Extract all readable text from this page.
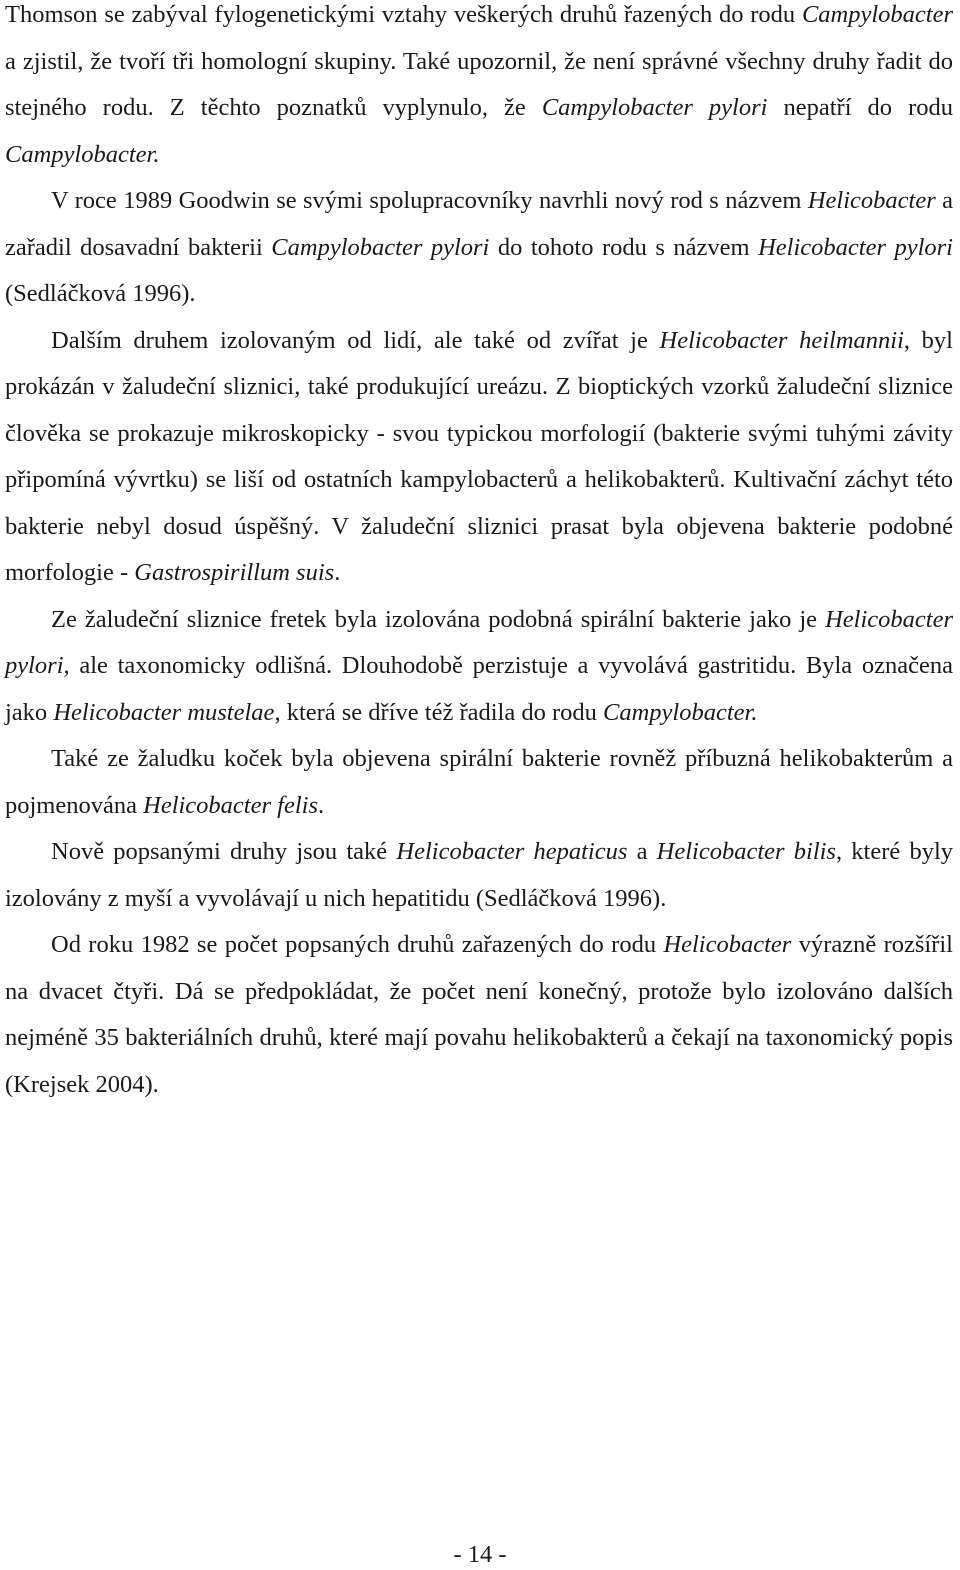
Thomson se zabýval fylogenetickými vztahy veškerých druhů řazených do rodu Campylobacter a zjistil, že tvoří tři homologní skupiny. Také upozornil, že není správné všechny druhy řadit do stejného rodu. Z těchto poznatků vyplynulo, že Campylobacter pylori nepatří do rodu Campylobacter.

V roce 1989 Goodwin se svými spolupracovníky navrhli nový rod s názvem Helicobacter a zařadil dosavadní bakterii Campylobacter pylori do tohoto rodu s názvem Helicobacter pylori (Sedláčková 1996).

Dalším druhem izolovaným od lidí, ale také od zvířat je Helicobacter heilmannii, byl prokázán v žaludeční sliznici, také produkující ureázu. Z bioptických vzorků žaludeční sliznice člověka se prokazuje mikroskopicky - svou typickou morfologií (bakterie svými tuhými závity připomíná vývrtku) se liší od ostatních kampylobacterů a helikobakterů. Kultivační záchyt této bakterie nebyl dosud úspěšný. V žaludeční sliznici prasat byla objevena bakterie podobné morfologie - Gastrospirillum suis.

Ze žaludeční sliznice fretek byla izolována podobná spirální bakterie jako je Helicobacter pylori, ale taxonomicky odlišná. Dlouhodobě perzistuje a vyvolává gastritidu. Byla označena jako Helicobacter mustelae, která se dříve též řadila do rodu Campylobacter.

Také ze žaludku koček byla objevena spirální bakterie rovněž příbuzná helikobakterům a pojmenována Helicobacter felis.

Nově popsanými druhy jsou také Helicobacter hepaticus a Helicobacter bilis, které byly izolovány z myší a vyvolávají u nich hepatitidu (Sedláčková 1996).

Od roku 1982 se počet popsaných druhů zařazených do rodu Helicobacter výrazně rozšířil na dvacet čtyři. Dá se předpokládat, že počet není konečný, protože bylo izolováno dalších nejméně 35 bakteriálních druhů, které mají povahu helikobakterů a čekají na taxonomický popis (Krejsek 2004).

- 14 -
